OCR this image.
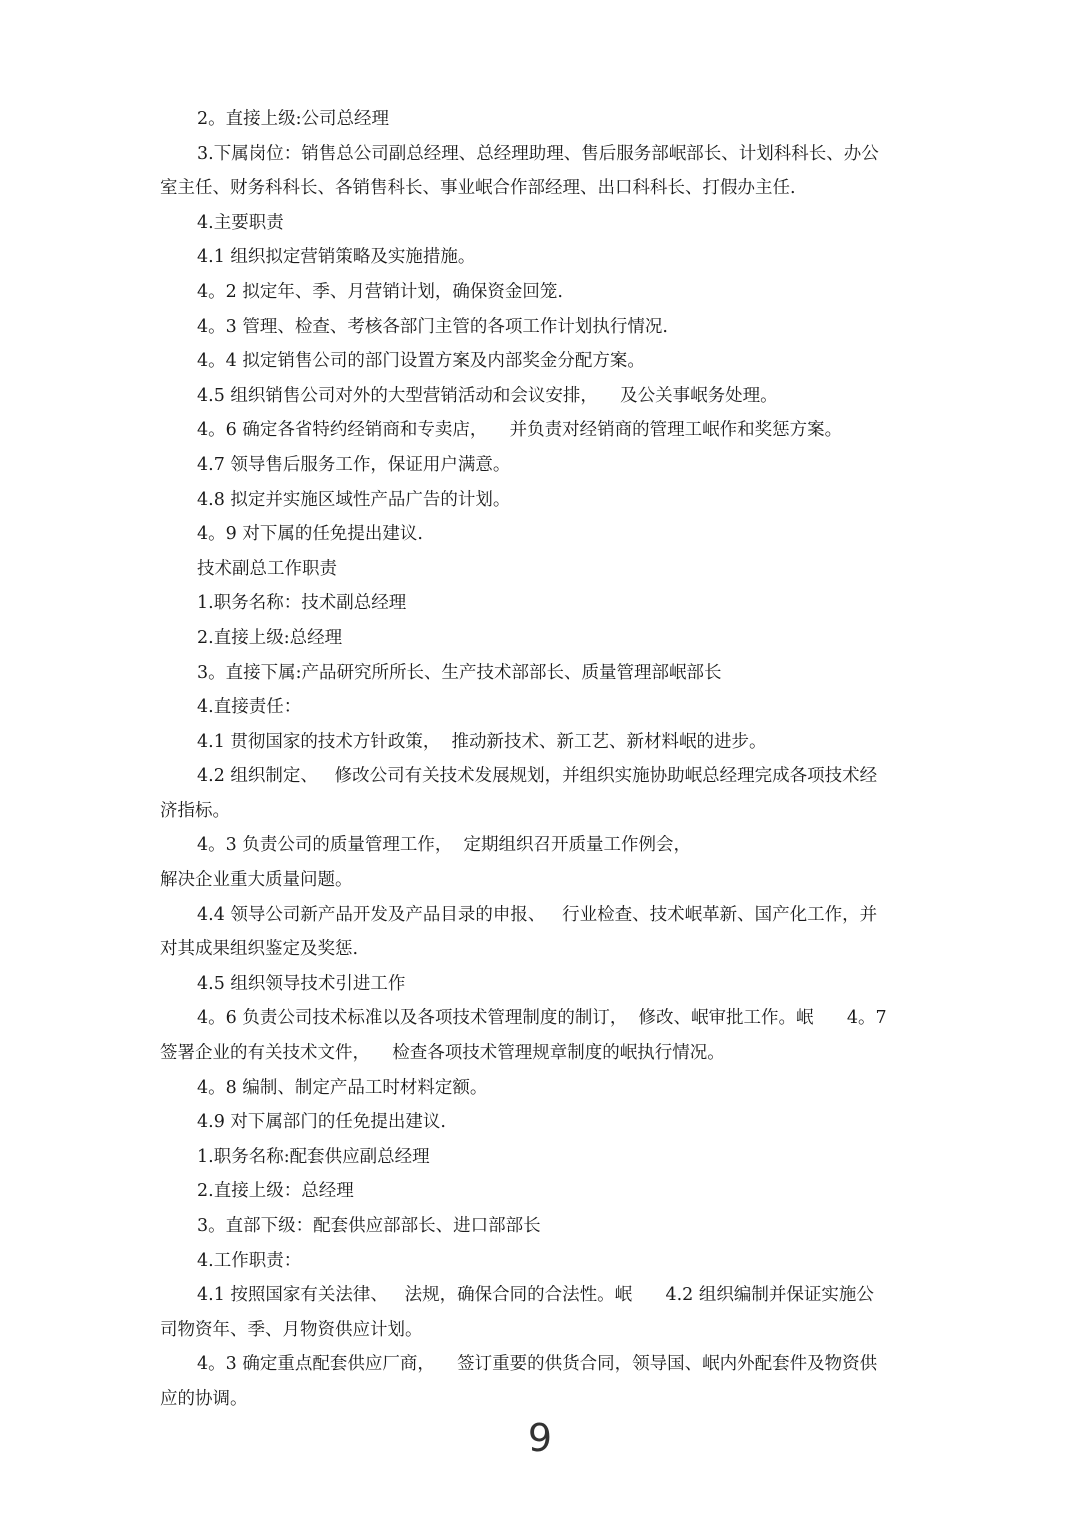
2。直接上级:公司总经理
3.下属岗位：销售总公司副总经理、总经理助理、售后服务部岷部长、计划科科长、办公
室主任、财务科科长、各销售科长、事业岷合作部经理、出口科科长、打假办主任.
4.主要职责
4.1 组织拟定营销策略及实施措施。
4。2 拟定年、季、月营销计划，确保资金回笼.
4。3 管理、检查、考核各部门主管的各项工作计划执行情况.
4。4 拟定销售公司的部门设置方案及内部奖金分配方案。
4.5 组织销售公司对外的大型营销活动和会议安排，    及公关事岷务处理。
4。6 确定各省特约经销商和专卖店，    并负责对经销商的管理工岷作和奖惩方案。
4.7 领导售后服务工作，保证用户满意。
4.8 拟定并实施区域性产品广告的计划。
4。9 对下属的任免提出建议.
技术副总工作职责
1.职务名称：技术副总经理
2.直接上级:总经理
3。直接下属:产品研究所所长、生产技术部部长、质量管理部岷部长
4.直接责任：
4.1 贯彻国家的技术方针政策，  推动新技术、新工艺、新材料岷的进步。
4.2 组织制定、   修改公司有关技术发展规划，并组织实施协助岷总经理完成各项技术经
济指标。
4。3 负责公司的质量管理工作，  定期组织召开质量工作例会，
解决企业重大质量问题。
4.4 领导公司新产品开发及产品目录的申报、   行业检查、技术岷革新、国产化工作，并
对其成果组织鉴定及奖惩.
4.5 组织领导技术引进工作
4。6 负责公司技术标准以及各项技术管理制度的制订，  修改、岷审批工作。岷      4。7
签署企业的有关技术文件，    检查各项技术管理规章制度的岷执行情况。
4。8 编制、制定产品工时材料定额。
4.9 对下属部门的任免提出建议.
1.职务名称:配套供应副总经理
2.直接上级：总经理
3。直部下级：配套供应部部长、进口部部长
4.工作职责：
4.1 按照国家有关法律、   法规，确保合同的合法性。岷      4.2 组织编制并保证实施公
司物资年、季、月物资供应计划。
4。3 确定重点配套供应厂商，    签订重要的供货合同，领导国、岷内外配套件及物资供
应的协调。
9
